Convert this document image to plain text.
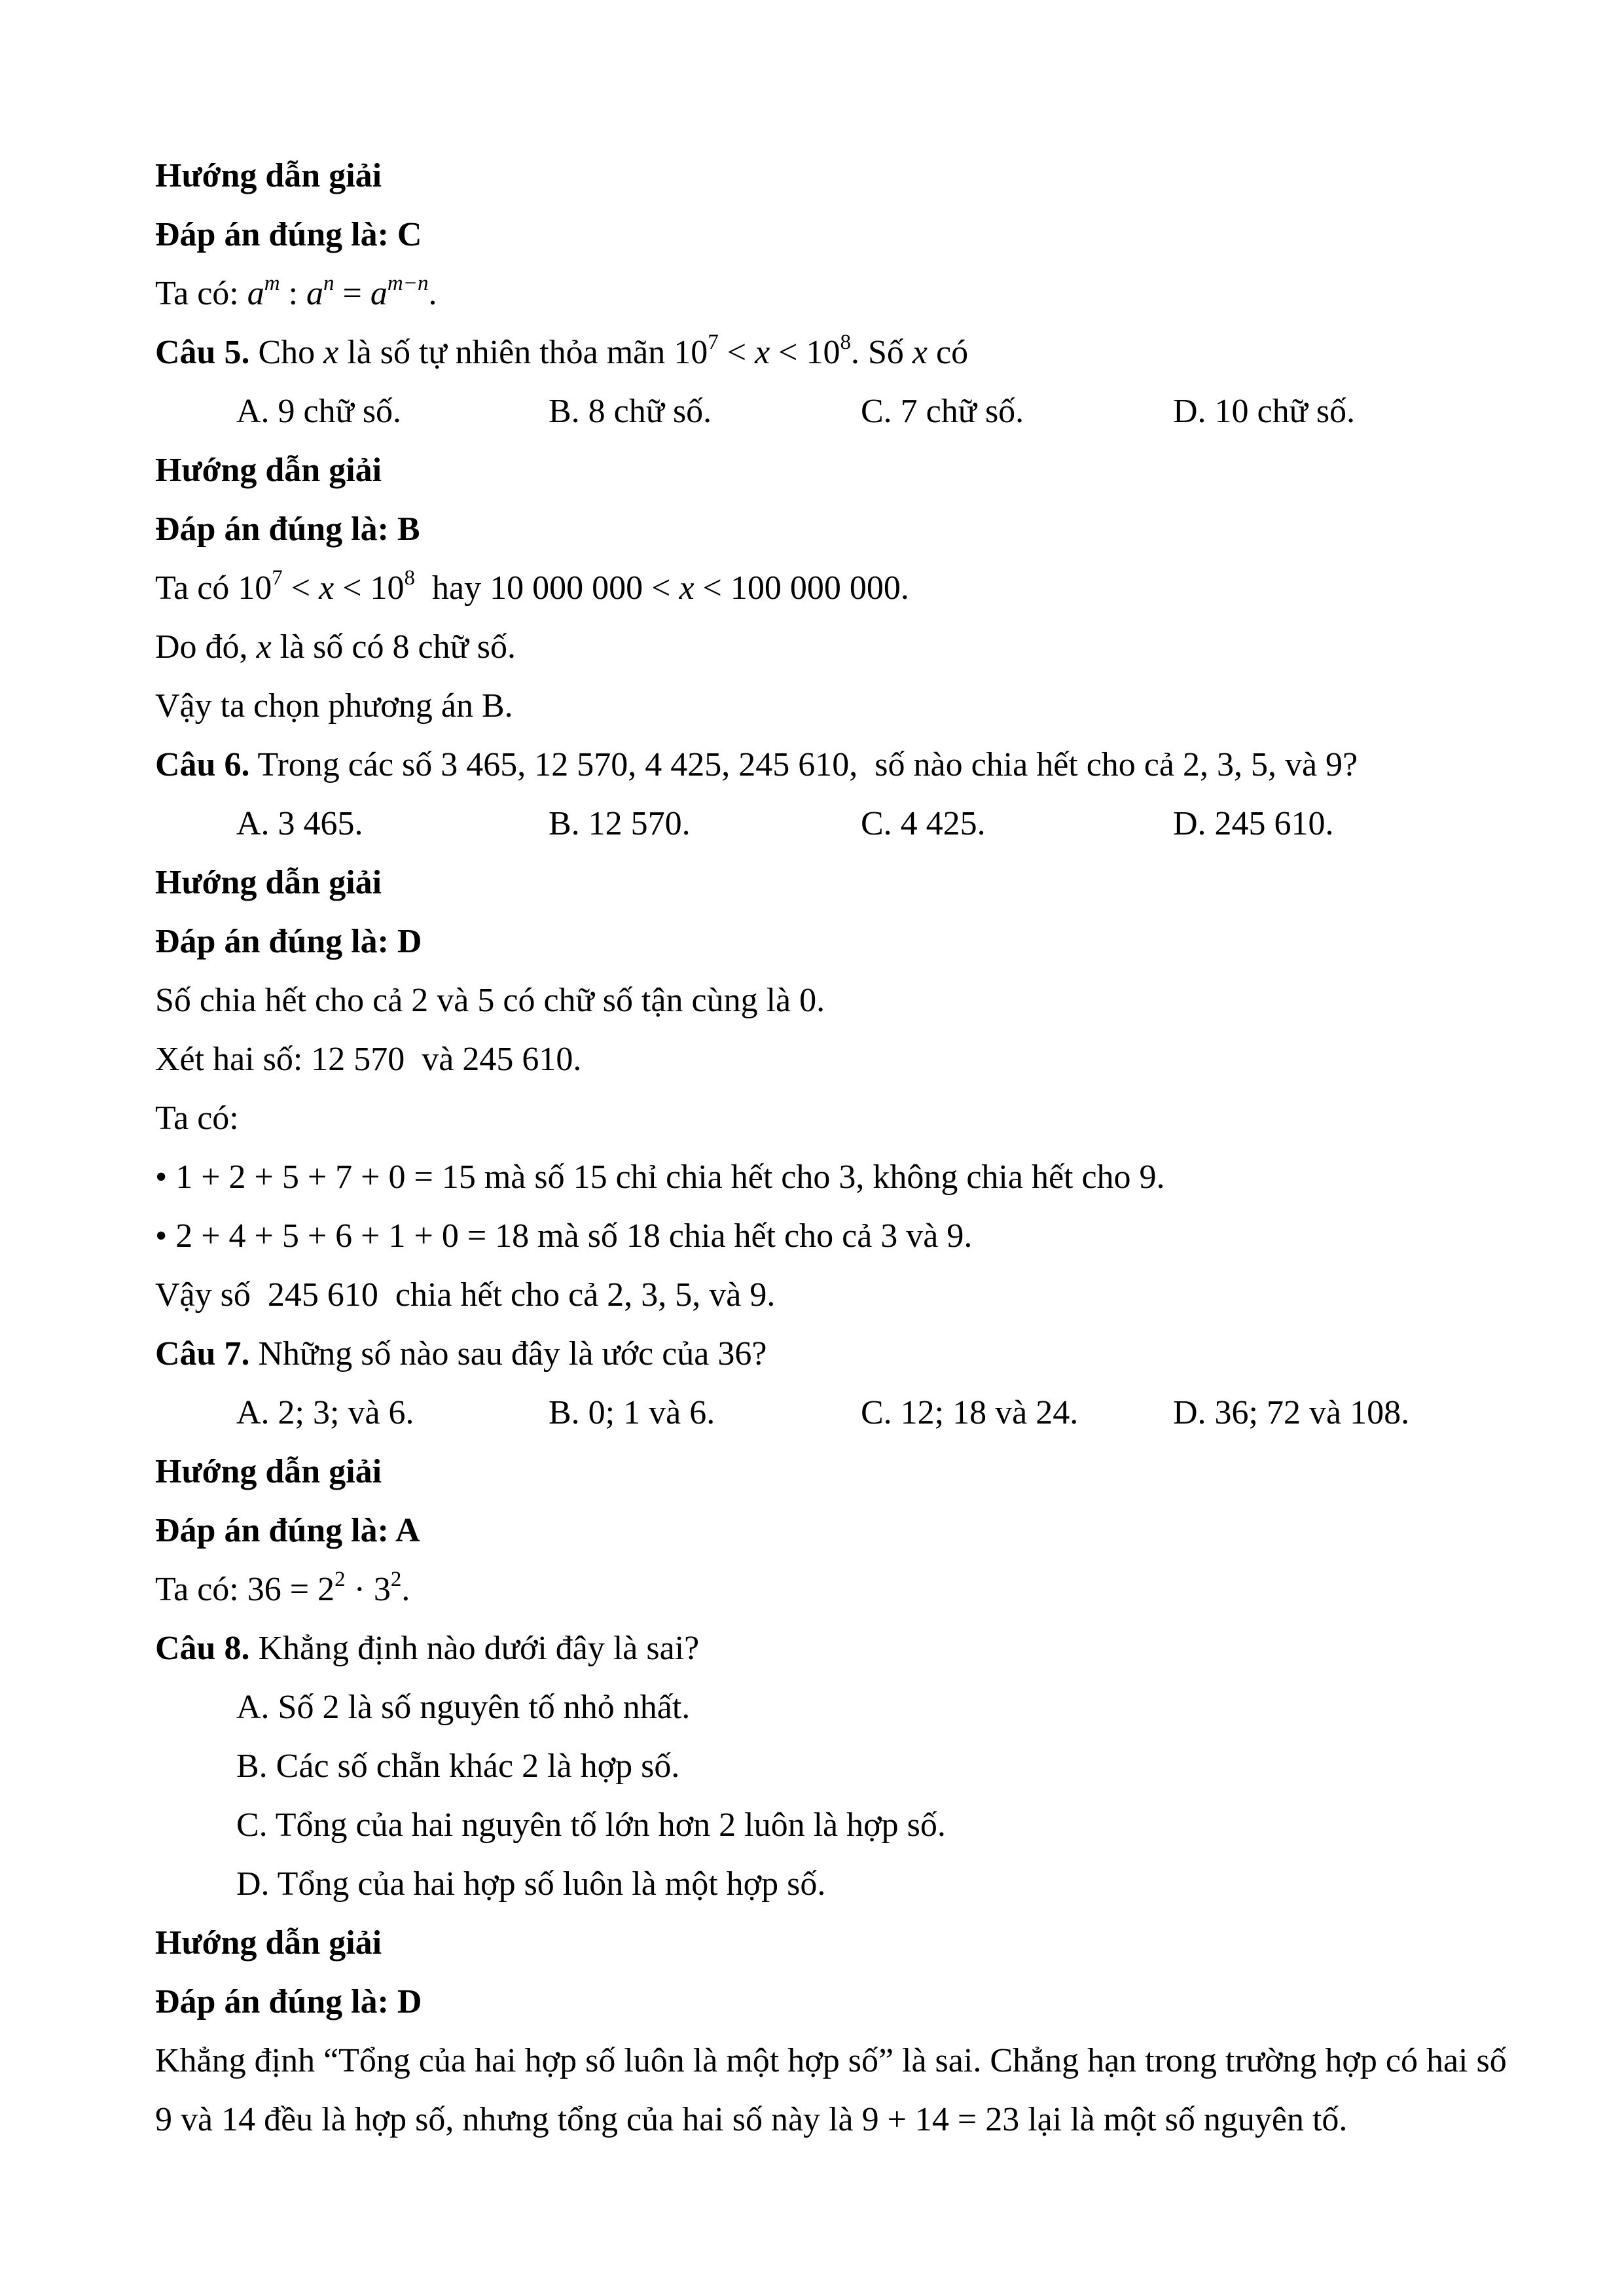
Hướng dẫn giải
Đáp án đúng là: C
Ta có: $a^m$ : $a^n = a^{m-n}$.
Câu 5. Cho x là số tự nhiên thỏa mãn $10^7 < x < 10^8$. Số x có
A. 9 chữ số.	B. 8 chữ số.	C. 7 chữ số.	D. 10 chữ số.
Hướng dẫn giải
Đáp án đúng là: B
Ta có $10^7 < x < 10^8$  hay 10 000 000 < x < 100 000 000.
Do đó, x là số có 8 chữ số.
Vậy ta chọn phương án B.
Câu 6. Trong các số 3 465, 12 570, 4 425, 245 610,  số nào chia hết cho cả 2, 3, 5, và 9?
A. 3 465.	B. 12 570.	C. 4 425.	D. 245 610.
Hướng dẫn giải
Đáp án đúng là: D
Số chia hết cho cả 2 và 5 có chữ số tận cùng là 0.
Xét hai số: 12 570  và 245 610.
Ta có:
• 1 + 2 + 5 + 7 + 0 = 15 mà số 15 chỉ chia hết cho 3, không chia hết cho 9.
• 2 + 4 + 5 + 6 + 1 + 0 = 18 mà số 18 chia hết cho cả 3 và 9.
Vậy số  245 610  chia hết cho cả 2, 3, 5, và 9.
Câu 7. Những số nào sau đây là ước của 36?
A. 2; 3; và 6.	B. 0; 1 và 6.	C. 12; 18 và 24.	D. 36; 72 và 108.
Hướng dẫn giải
Đáp án đúng là: A
Ta có: $36 = 2^2 \cdot 3^2$.
Câu 8. Khẳng định nào dưới đây là sai?
A. Số 2 là số nguyên tố nhỏ nhất.
B. Các số chẵn khác 2 là hợp số.
C. Tổng của hai nguyên tố lớn hơn 2 luôn là hợp số.
D. Tổng của hai hợp số luôn là một hợp số.
Hướng dẫn giải
Đáp án đúng là: D
Khẳng định “Tổng của hai hợp số luôn là một hợp số” là sai. Chẳng hạn trong trường hợp có hai số
9 và 14 đều là hợp số, nhưng tổng của hai số này là 9 + 14 = 23 lại là một số nguyên tố.
